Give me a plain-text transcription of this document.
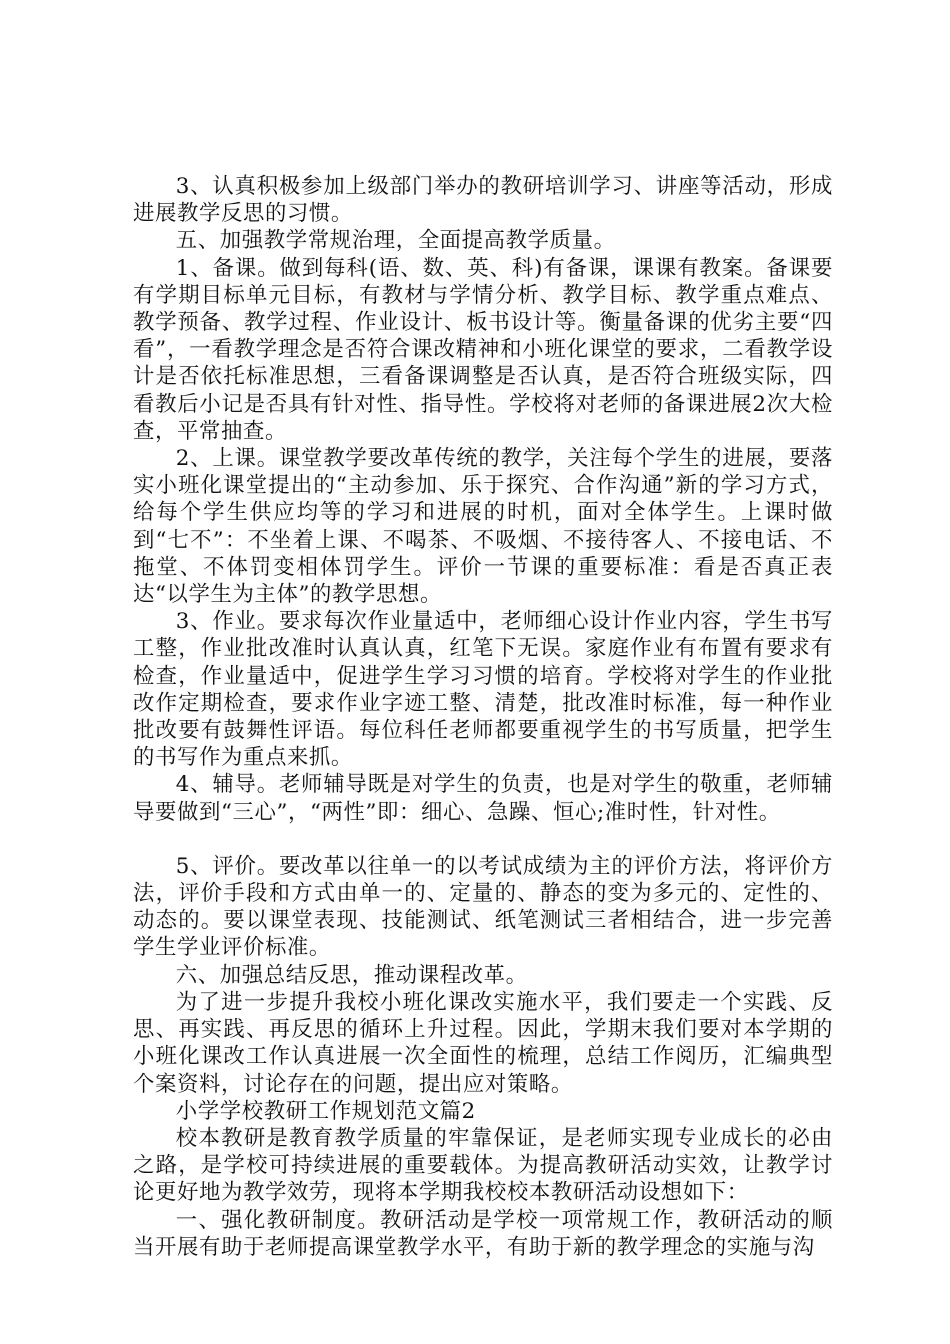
3、认真积极参加上级部门举办的教研培训学习、讲座等活动，形成进展教学反思的习惯。

五、加强教学常规治理，全面提高教学质量。

1、备课。做到每科(语、数、英、科)有备课，课课有教案。备课要有学期目标单元目标，有教材与学情分析、教学目标、教学重点难点、教学预备、教学过程、作业设计、板书设计等。衡量备课的优劣主要“四看”，一看教学理念是否符合课改精神和小班化课堂的要求，二看教学设计是否依托标准思想，三看备课调整是否认真，是否符合班级实际，四看教后小记是否具有针对性、指导性。学校将对老师的备课进展2次大检查，平常抽查。

2、上课。课堂教学要改革传统的教学，关注每个学生的进展，要落实小班化课堂提出的“主动参加、乐于探究、合作沟通”新的学习方式，给每个学生供应均等的学习和进展的时机，面对全体学生。上课时做到“七不”：不坐着上课、不喝茶、不吸烟、不接待客人、不接电话、不拖堂、不体罚变相体罚学生。评价一节课的重要标准：看是否真正表达“以学生为主体”的教学思想。

3、作业。要求每次作业量适中，老师细心设计作业内容，学生书写工整，作业批改准时认真认真，红笔下无误。家庭作业有布置有要求有检查，作业量适中，促进学生学习习惯的培育。学校将对学生的作业批改作定期检查，要求作业字迹工整、清楚，批改准时标准，每一种作业批改要有鼓舞性评语。每位科任老师都要重视学生的书写质量，把学生的书写作为重点来抓。

4、辅导。老师辅导既是对学生的负责，也是对学生的敬重，老师辅导要做到“三心”，“两性”即：细心、急躁、恒心;准时性，针对性。

5、评价。要改革以往单一的以考试成绩为主的评价方法，将评价方法，评价手段和方式由单一的、定量的、静态的变为多元的、定性的、动态的。要以课堂表现、技能测试、纸笔测试三者相结合，进一步完善学生学业评价标准。

六、加强总结反思，推动课程改革。

为了进一步提升我校小班化课改实施水平，我们要走一个实践、反思、再实践、再反思的循环上升过程。因此，学期末我们要对本学期的小班化课改工作认真进展一次全面性的梳理，总结工作阅历，汇编典型个案资料，讨论存在的问题，提出应对策略。

小学学校教研工作规划范文篇2

校本教研是教育教学质量的牢靠保证，是老师实现专业成长的必由之路，是学校可持续进展的重要载体。为提高教研活动实效，让教学讨论更好地为教学效劳，现将本学期我校校本教研活动设想如下：

一、强化教研制度。教研活动是学校一项常规工作，教研活动的顺当开展有助于老师提高课堂教学水平，有助于新的教学理念的实施与沟
